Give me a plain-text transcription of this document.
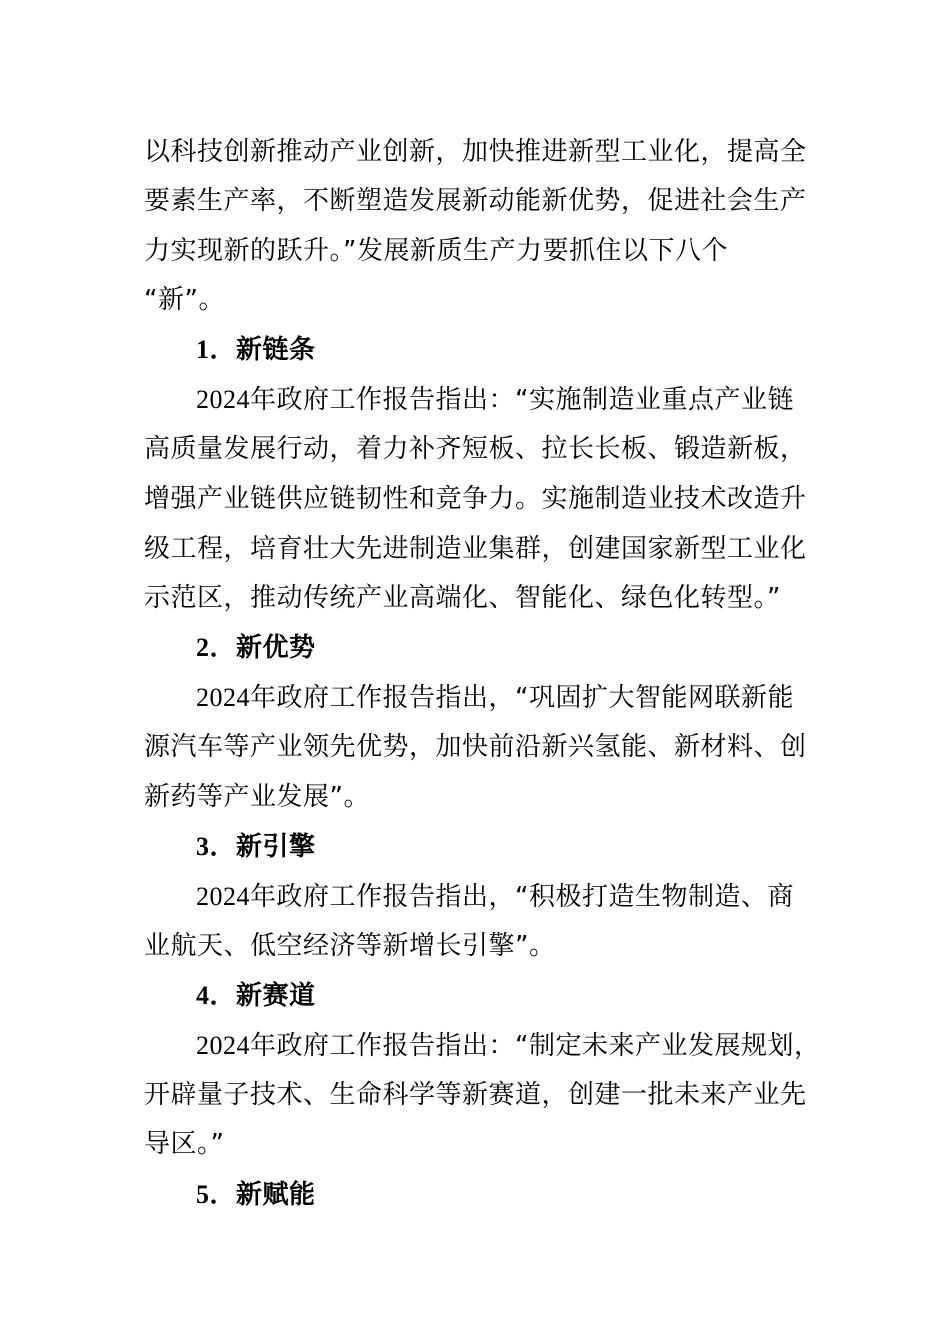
以科技创新推动产业创新，加快推进新型工业化，提高全
要素生产率，不断塑造发展新动能新优势，促进社会生产
力实现新的跃升。”发展新质生产力要抓住以下八个
“新”。
1．新链条
2024年政府工作报告指出：“实施制造业重点产业链
高质量发展行动，着力补齐短板、拉长长板、锻造新板，
增强产业链供应链韧性和竞争力。实施制造业技术改造升
级工程，培育壮大先进制造业集群，创建国家新型工业化
示范区，推动传统产业高端化、智能化、绿色化转型。”
2．新优势
2024年政府工作报告指出，“巩固扩大智能网联新能
源汽车等产业领先优势，加快前沿新兴氢能、新材料、创
新药等产业发展”。
3．新引擎
2024年政府工作报告指出，“积极打造生物制造、商
业航天、低空经济等新增长引擎”。
4．新赛道
2024年政府工作报告指出：“制定未来产业发展规划，
开辟量子技术、生命科学等新赛道，创建一批未来产业先
导区。”
5．新赋能
